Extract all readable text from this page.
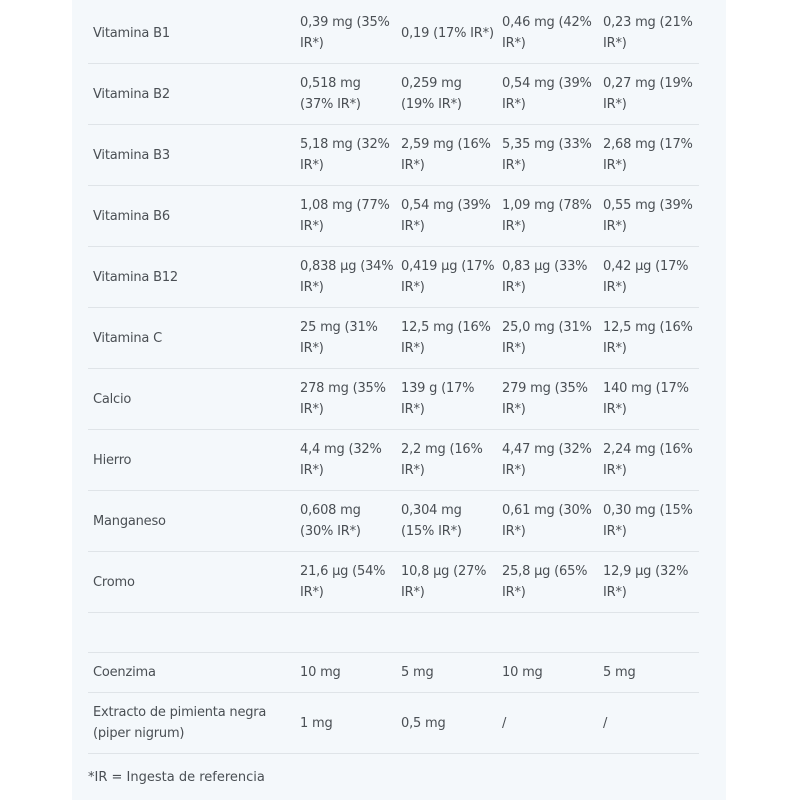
Vitamina B1	0,39 mg (35% IR*)	0,19 (17% IR*)	0,46 mg (42% IR*)	0,23 mg (21% IR*)
Vitamina B2	0,518 mg (37% IR*)	0,259 mg (19% IR*)	0,54 mg (39% IR*)	0,27 mg (19% IR*)
Vitamina B3	5,18 mg (32% IR*)	2,59 mg (16% IR*)	5,35 mg (33% IR*)	2,68 mg (17% IR*)
Vitamina B6	1,08 mg (77% IR*)	0,54 mg (39% IR*)	1,09 mg (78% IR*)	0,55 mg (39% IR*)
Vitamina B12	0,838 µg (34% IR*)	0,419 µg (17% IR*)	0,83 µg (33% IR*)	0,42 µg (17% IR*)
Vitamina C	25 mg (31% IR*)	12,5 mg (16% IR*)	25,0 mg (31% IR*)	12,5 mg (16% IR*)
Calcio	278 mg (35% IR*)	139 g (17% IR*)	279 mg (35% IR*)	140 mg (17% IR*)
Hierro	4,4 mg (32% IR*)	2,2 mg (16% IR*)	4,47 mg (32% IR*)	2,24 mg (16% IR*)
Manganeso	0,608 mg (30% IR*)	0,304 mg (15% IR*)	0,61 mg (30% IR*)	0,30 mg (15% IR*)
Cromo	21,6 µg (54% IR*)	10,8 µg (27% IR*)	25,8 µg (65% IR*)	12,9 µg (32% IR*)

Coenzima	10 mg	5 mg	10 mg	5 mg
Extracto de pimienta negra (piper nigrum)	1 mg	0,5 mg	/	/
*IR = Ingesta de referencia
